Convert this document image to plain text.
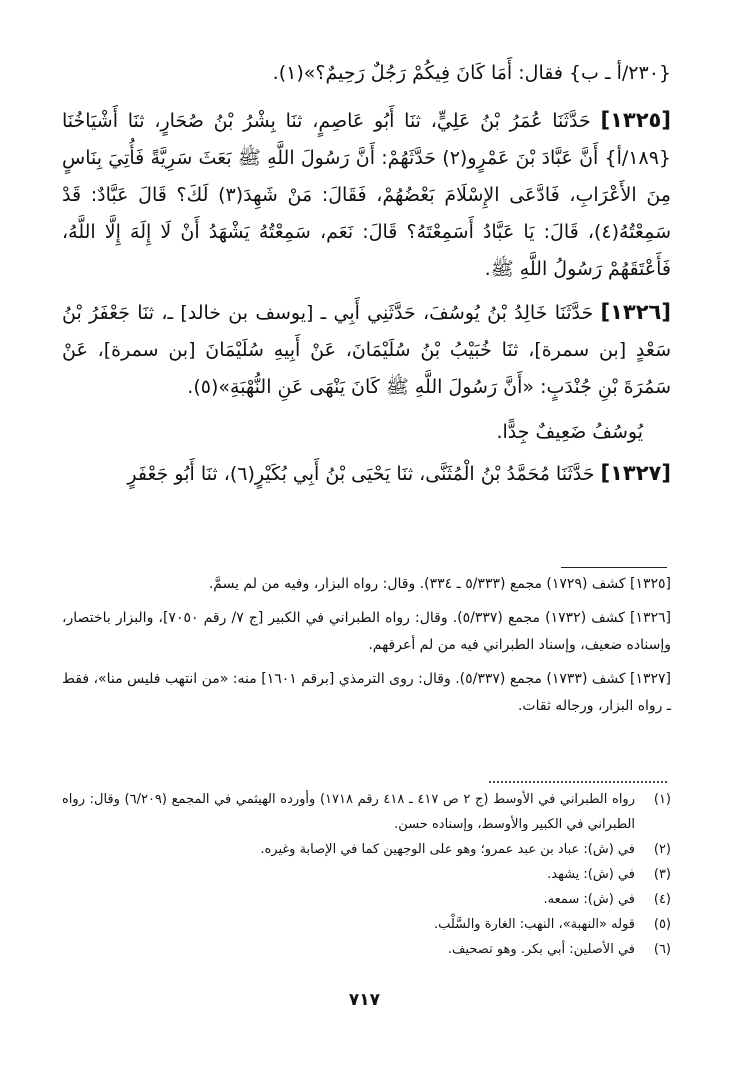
{٢٣٠/أ ـ ب} فقال: أَمَا كَانَ فِيكُمْ رَجُلٌ رَحِيمٌ؟»(١).

[١٣٢٥] حَدَّثَنَا عُمَرُ بْنُ عَلِيٍّ، ثنَا أَبُو عَاصِمٍ، ثنَا بِشْرُ بْنُ صُحَارٍ، ثنَا أَشْيَاخُنَا {١٨٩/أ} أَنَّ عَبَّادَ بْنَ عَمْرٍو(٢) حَدَّثَهُمْ: أَنَّ رَسُولَ اللَّهِ ﷺ بَعَثَ سَرِيَّةً فَأُتِيَ بِنَاسٍ مِنَ الأَعْرَابِ، فَادَّعَى الإِسْلَامَ بَعْضُهُمْ، فَقَالَ: مَنْ شَهِدَ(٣) لَكَ؟ قَالَ عَبَّادٌ: قَدْ سَمِعْتُهُ(٤)، قَالَ: يَا عَبَّادُ أَسَمِعْتَهُ؟ قَالَ: نَعَم، سَمِعْتُهُ يَشْهَدُ أَنْ لَا إِلَهَ إِلَّا اللَّهُ، فَأَعْتَقَهُمْ رَسُولُ اللَّهِ ﷺ.

[١٣٢٦] حَدَّثَنَا خَالِدُ بْنُ يُوسُفَ، حَدَّثَنِي أَبِي ـ [يوسف بن خالد] ـ، ثنَا جَعْفَرُ بْنُ سَعْدٍ [بن سمرة]، ثنَا خُبَيْبُ بْنُ سُلَيْمَانَ، عَنْ أَبِيهِ سُلَيْمَانَ [بن سمرة]، عَنْ سَمُرَةَ بْنِ جُنْدَبٍ: «أَنَّ رَسُولَ اللَّهِ ﷺ كَانَ يَنْهَى عَنِ النُّهْبَةِ»(٥).

يُوسُفُ ضَعِيفٌ جِدًّا.

[١٣٢٧] حَدَّثَنَا مُحَمَّدُ بْنُ الْمُثَنَّى، ثنَا يَحْيَى بْنُ أَبِي بُكَيْرٍ(٦)، ثنَا أَبُو جَعْفَرٍ

[١٣٢٥] كشف (١٧٢٩) مجمع (٥/٣٣٣ ـ ٣٣٤). وقال: رواه البزار، وفيه من لم يسمَّ.

[١٣٢٦] كشف (١٧٣٢) مجمع (٥/٣٣٧). وقال: رواه الطبراني في الكبير [ج ٧/ رقم ٧٠٥٠]، والبزار باختصار، وإسناده ضعيف، وإسناد الطبراني فيه من لم أعرفهم.

[١٣٢٧] كشف (١٧٣٣) مجمع (٥/٣٣٧). وقال: روى الترمذي [برقم ١٦٠١] منه: «من انتهب فليس منا»، فقط ـ رواه البزار، ورجاله ثقات.

(١)
رواه الطبراني في الأوسط (ج ٢ ص ٤١٧ ـ ٤١٨ رقم ١٧١٨) وأورده الهيثمي في المجمع (٦/٢٠٩) وقال: رواه الطبراني في الكبير والأوسط، وإسناده حسن.
(٢)
في (ش): عباد بن عبد عمرو؛ وهو على الوجهين كما في الإصابة وغيره.
(٣)
في (ش): يشهد.
(٤)
في (ش): سمعه.
(٥)
قوله «النهبة»، النهب: الغارة والسَّلْب.
(٦)
في الأصلين: أبي بكر. وهو تصحيف.
٧١٧
